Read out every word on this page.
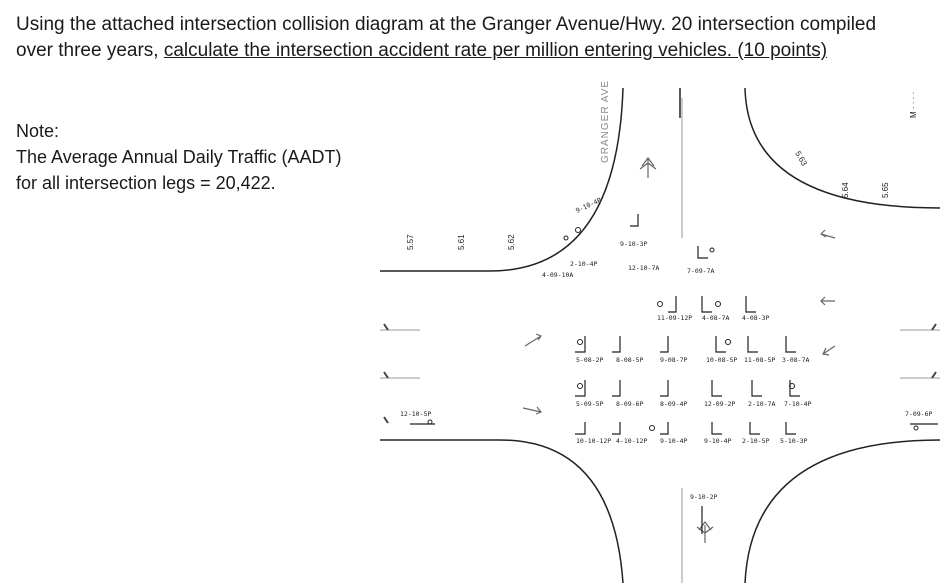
Using the attached intersection collision diagram at the Granger Avenue/Hwy. 20 intersection compiled over three years, calculate the intersection accident rate per million entering vehicles. (10 points)
Note:
The Average Annual Daily Traffic (AADT) for all intersection legs = 20,422.
GRANGER AVE
5.57	5.61	5.62
5.63
5.64	5.65
9-10-4P
2-10-4P
4-09-10A
9-10-3P
12-10-7A	7-09-7A
11-09-12P 4-08-7A 4-08-3P
5-08-2P 8-08-5P	9-08-7P	10-08-5P 11-08-5P 3-08-7A
5-09-5P 8-09-6P	8-09-4P	12-09-2P 2-10-7A 7-10-4P
10-10-12P 4-10-12P 9-10-4P	9-10-4P 2-10-5P 5-10-3P
12-10-5P	7-09-6P
9-10-2P
M · · · ·
